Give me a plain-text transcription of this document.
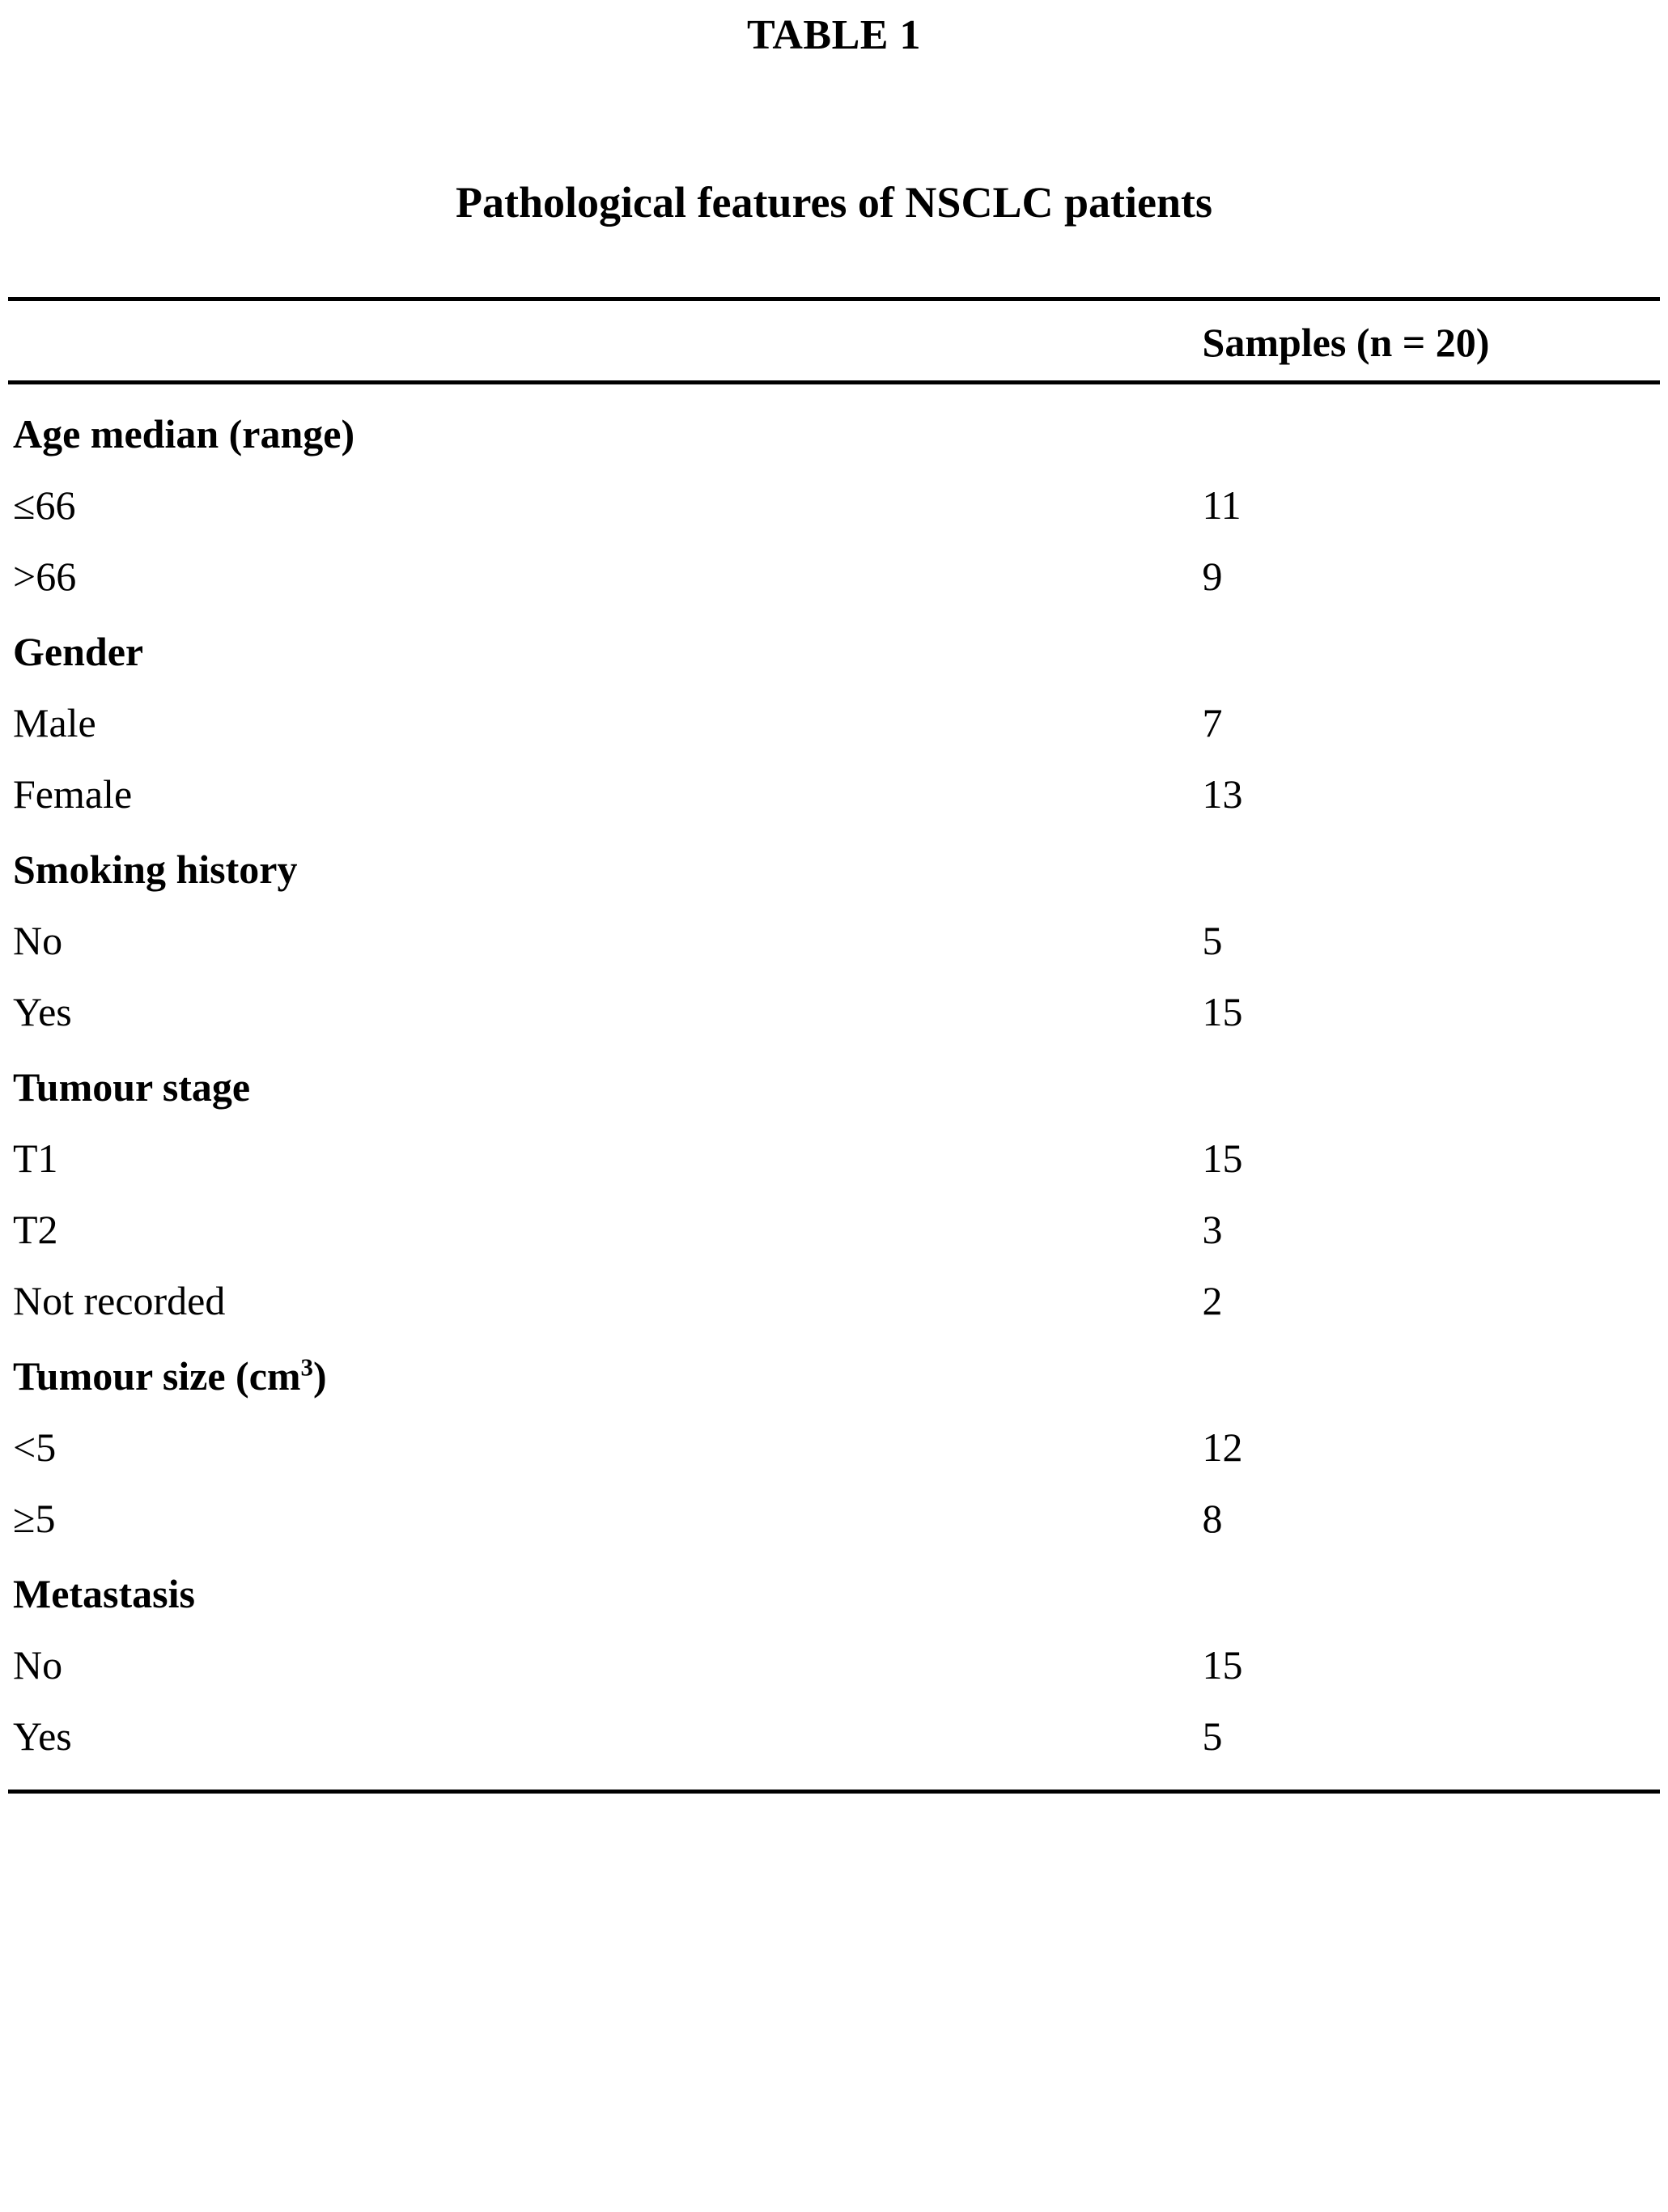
TABLE 1
Pathological features of NSCLC patients
	Samples (n = 20)
Age median (range)	
≤66	11
>66	9
Gender	
Male	7
Female	13
Smoking history	
No	5
Yes	15
Tumour stage	
T1	15
T2	3
Not recorded	2
Tumour size $(cm^3)$	
<5	12
≥5	8
Metastasis	
No	15
Yes	5
